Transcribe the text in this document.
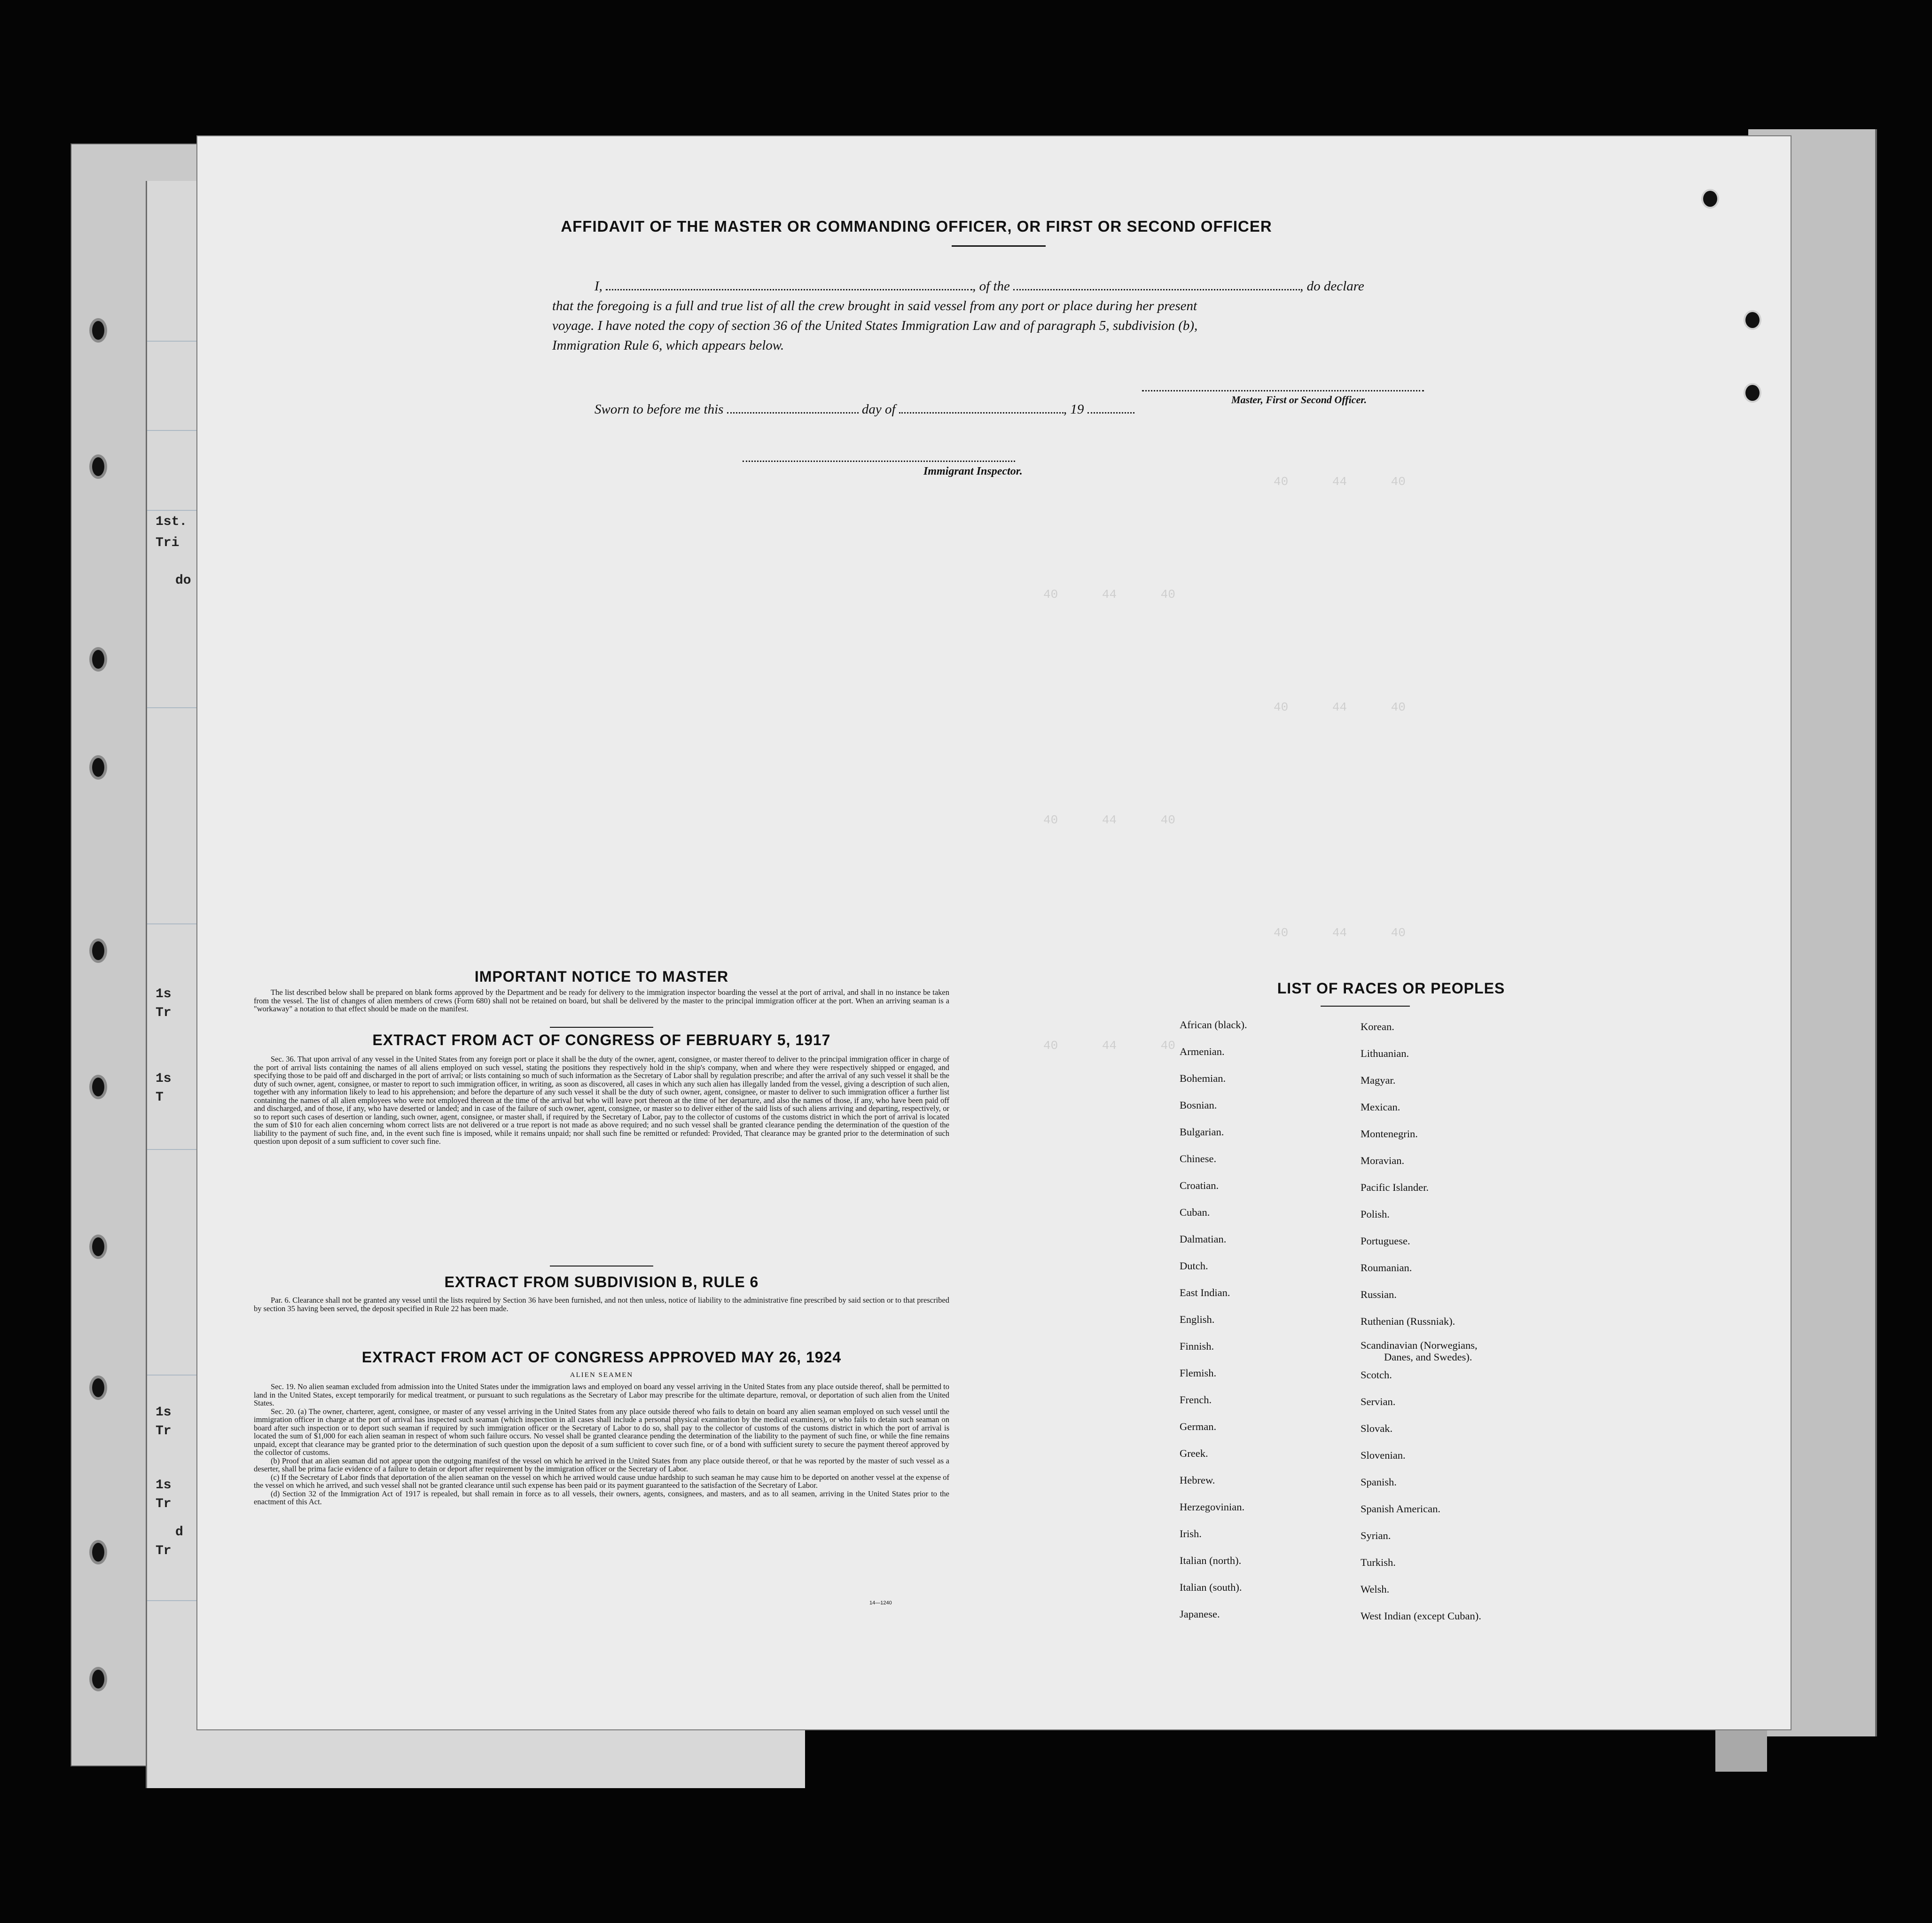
1st.
Tri
do
1s
Tr
1s
T
1s
Tr
1s
Tr
d
Tr
40      44      40
40      44      40
40      44      40
40      44      40
40      44      40
40      44      40
AFFIDAVIT OF THE MASTER OR COMMANDING OFFICER, OR FIRST OR SECOND OFFICER
I,	, of the	, do declare
that the foregoing is a full and true list of all the crew brought in said vessel from any port or place during her present
voyage. I have noted the copy of section 36 of the United States Immigration Law and of paragraph 5, subdivision (b),
Immigration Rule 6, which appears below.
Master, First or Second Officer.
Sworn to before me this	day of	, 19
Immigrant Inspector.
IMPORTANT NOTICE TO MASTER

The list described below shall be prepared on blank forms approved by the Department and be ready for delivery to the immigration inspector boarding the vessel at the port of arrival, and shall in no instance be taken from the vessel. The list of changes of alien members of crews (Form 680) shall not be retained on board, but shall be delivered by the master to the principal immigration officer at the port. When an arriving seaman is a "workaway" a notation to that effect should be made on the manifest.

EXTRACT FROM ACT OF CONGRESS OF FEBRUARY 5, 1917

Sec. 36. That upon arrival of any vessel in the United States from any foreign port or place it shall be the duty of the owner, agent, consignee, or master thereof to deliver to the principal immigration officer in charge of the port of arrival lists containing the names of all aliens employed on such vessel, stating the positions they respectively hold in the ship's company, when and where they were respectively shipped or engaged, and specifying those to be paid off and discharged in the port of arrival; or lists containing so much of such information as the Secretary of Labor shall by regulation prescribe; and after the arrival of any such vessel it shall be the duty of such owner, agent, consignee, or master to report to such immigration officer, in writing, as soon as discovered, all cases in which any such alien has illegally landed from the vessel, giving a description of such alien, together with any information likely to lead to his apprehension; and before the departure of any such vessel it shall be the duty of such owner, agent, consignee, or master to deliver to such immigration officer a further list containing the names of all alien employees who were not employed thereon at the time of the arrival but who will leave port thereon at the time of her departure, and also the names of those, if any, who have been paid off and discharged, and of those, if any, who have deserted or landed; and in case of the failure of such owner, agent, consignee, or master so to deliver either of the said lists of such aliens arriving and departing, respectively, or so to report such cases of desertion or landing, such owner, agent, consignee, or master shall, if required by the Secretary of Labor, pay to the collector of customs of the customs district in which the port of arrival is located the sum of $10 for each alien concerning whom correct lists are not delivered or a true report is not made as above required; and no such vessel shall be granted clearance pending the determination of the question of the liability to the payment of such fine, and, in the event such fine is imposed, while it remains unpaid; nor shall such fine be remitted or refunded: Provided, That clearance may be granted prior to the determination of such question upon deposit of a sum sufficient to cover such fine.

EXTRACT FROM SUBDIVISION B, RULE 6

Par. 6. Clearance shall not be granted any vessel until the lists required by Section 36 have been furnished, and not then unless, notice of liability to the administrative fine prescribed by said section or to that prescribed by section 35 having been served, the deposit specified in Rule 22 has been made.

EXTRACT FROM ACT OF CONGRESS APPROVED MAY 26, 1924
ALIEN SEAMEN

Sec. 19. No alien seaman excluded from admission into the United States under the immigration laws and employed on board any vessel arriving in the United States from any place outside thereof, shall be permitted to land in the United States, except temporarily for medical treatment, or pursuant to such regulations as the Secretary of Labor may prescribe for the ultimate departure, removal, or deportation of such alien from the United States.

Sec. 20. (a) The owner, charterer, agent, consignee, or master of any vessel arriving in the United States from any place outside thereof who fails to detain on board any alien seaman employed on such vessel until the immigration officer in charge at the port of arrival has inspected such seaman (which inspection in all cases shall include a personal physical examination by the medical examiners), or who fails to detain such seaman on board after such inspection or to deport such seaman if required by such immigration officer or the Secretary of Labor to do so, shall pay to the collector of customs of the customs district in which the port of arrival is located the sum of $1,000 for each alien seaman in respect of whom such failure occurs. No vessel shall be granted clearance pending the determination of the liability to the payment of such fine, or while the fine remains unpaid, except that clearance may be granted prior to the determination of such question upon the deposit of a sum sufficient to cover such fine, or of a bond with sufficient surety to secure the payment thereof approved by the collector of customs.

(b) Proof that an alien seaman did not appear upon the outgoing manifest of the vessel on which he arrived in the United States from any place outside thereof, or that he was reported by the master of such vessel as a deserter, shall be prima facie evidence of a failure to detain or deport after requirement by the immigration officer or the Secretary of Labor.

(c) If the Secretary of Labor finds that deportation of the alien seaman on the vessel on which he arrived would cause undue hardship to such seaman he may cause him to be deported on another vessel at the expense of the vessel on which he arrived, and such vessel shall not be granted clearance until such expense has been paid or its payment guaranteed to the satisfaction of the Secretary of Labor.

(d) Section 32 of the Immigration Act of 1917 is repealed, but shall remain in force as to all vessels, their owners, agents, consignees, and masters, and as to all seamen, arriving in the United States prior to the enactment of this Act.

14—1240
LIST OF RACES OR PEOPLES
African (black).
Armenian.
Bohemian.
Bosnian.
Bulgarian.
Chinese.
Croatian.
Cuban.
Dalmatian.
Dutch.
East Indian.
English.
Finnish.
Flemish.
French.
German.
Greek.
Hebrew.
Herzegovinian.
Irish.
Italian (north).
Italian (south).
Japanese.
Korean.
Lithuanian.
Magyar.
Mexican.
Montenegrin.
Moravian.
Pacific Islander.
Polish.
Portuguese.
Roumanian.
Russian.
Ruthenian (Russniak).
Scandinavian (Norwegians,
Danes, and Swedes).
Scotch.
Servian.
Slovak.
Slovenian.
Spanish.
Spanish American.
Syrian.
Turkish.
Welsh.
West Indian (except Cuban).
